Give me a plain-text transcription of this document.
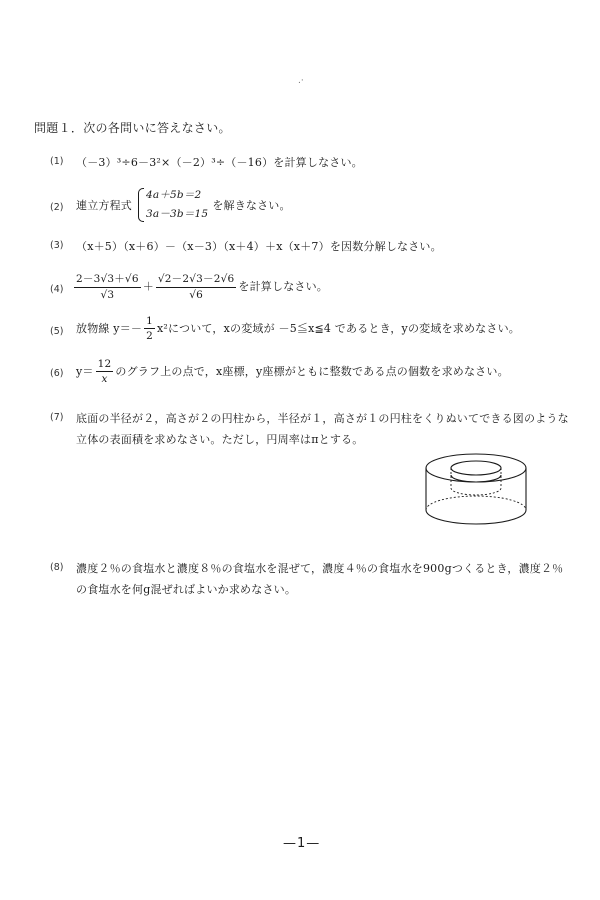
.·
問題１．次の各問いに答えなさい。
(1) （－3）³÷6－3²×（－2）³÷（－16）を計算しなさい。
(2) 連立方程式
4a＋5b＝2
3a－3b＝15
を解きなさい。
(3) （x＋5）（x＋6）－（x－3）（x＋4）＋x（x＋7）を因数分解しなさい。
$(4) \frac{2-3√3+√6}{√3} + \frac{√2-2√3-2√6}{√6}$ を計算しなさい。
(5) 放物線 $y=- \frac{1}{2} x^2$について，xの変域が －5≦x≦4 であるとき，yの変域を求めなさい。
(6) $y= \frac{12}{x}$ のグラフ上の点で，x座標，y座標がともに整数である点の個数を求めなさい。
(7) 底面の半径が２，高さが２の円柱から，半径が１，高さが１の円柱をくりぬいてできる図のような
立体の表面積を求めなさい。ただし，円周率はπとする。
(8) 濃度２％の食塩水と濃度８％の食塩水を混ぜて，濃度４％の食塩水を900gつくるとき，濃度２％
の食塩水を何g混ぜればよいか求めなさい。
—1—
